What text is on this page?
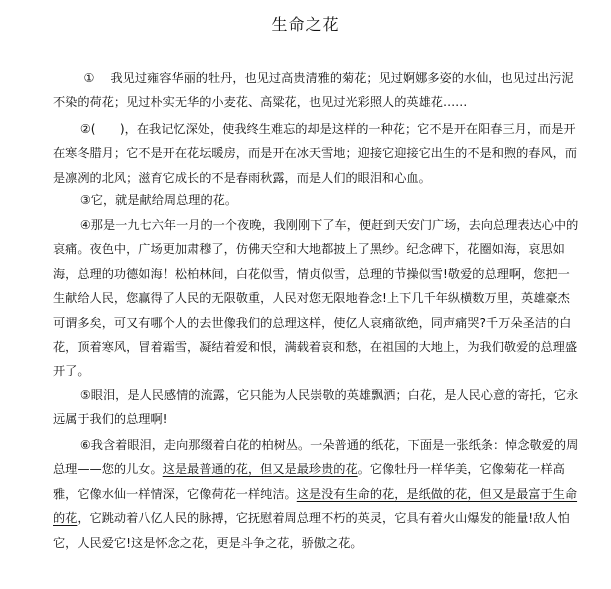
生命之花

①　 我见过雍容华丽的牡丹，也见过高贵清雅的菊花；见过婀娜多姿的水仙，也见过出污泥不染的荷花；见过朴实无华的小麦花、高粱花，也见过光彩照人的英雄花……

②(　　)，在我记忆深处，使我终生难忘的却是这样的一种花；它不是开在阳春三月，而是开在寒冬腊月；它不是开在花坛暖房，而是开在冰天雪地；迎接它迎接它出生的不是和煦的春风，而是凛冽的北风；滋育它成长的不是春雨秋露，而是人们的眼泪和心血。

③它，就是献给周总理的花。

④那是一九七六年一月的一个夜晚，我刚刚下了车，便赶到天安门广场，去向总理表达心中的哀痛。夜色中，广场更加肃穆了，仿佛天空和大地都披上了黑纱。纪念碑下，花圈如海，哀思如海，总理的功德如海！松柏林间，白花似雪，情贞似雪，总理的节操似雪!敬爱的总理啊，您把一生献给人民，您赢得了人民的无限敬重，人民对您无限地眷念!上下几千年纵横数万里，英雄豪杰可谓多矣，可又有哪个人的去世像我们的总理这样，使亿人哀痛欲绝，同声痛哭?千万朵圣洁的白花，顶着寒风，冒着霜雪，凝结着爱和恨，满载着哀和愁，在祖国的大地上，为我们敬爱的总理盛开了。

⑤眼泪，是人民感情的流露，它只能为人民崇敬的英雄飘洒；白花，是人民心意的寄托，它永远属于我们的总理啊!

⑥我含着眼泪，走向那缀着白花的柏树丛。一朵普通的纸花，下面是一张纸条：悼念敬爱的周总理——您的儿女。这是最普通的花，但又是最珍贵的花。它像牡丹一样华美，它像菊花一样高雅，它像水仙一样情深，它像荷花一样纯洁。这是没有生命的花，是纸做的花，但又是最富于生命的花，它跳动着八亿人民的脉搏，它抚慰着周总理不朽的英灵，它具有着火山爆发的能量!敌人怕它，人民爱它!这是怀念之花，更是斗争之花，骄傲之花。
